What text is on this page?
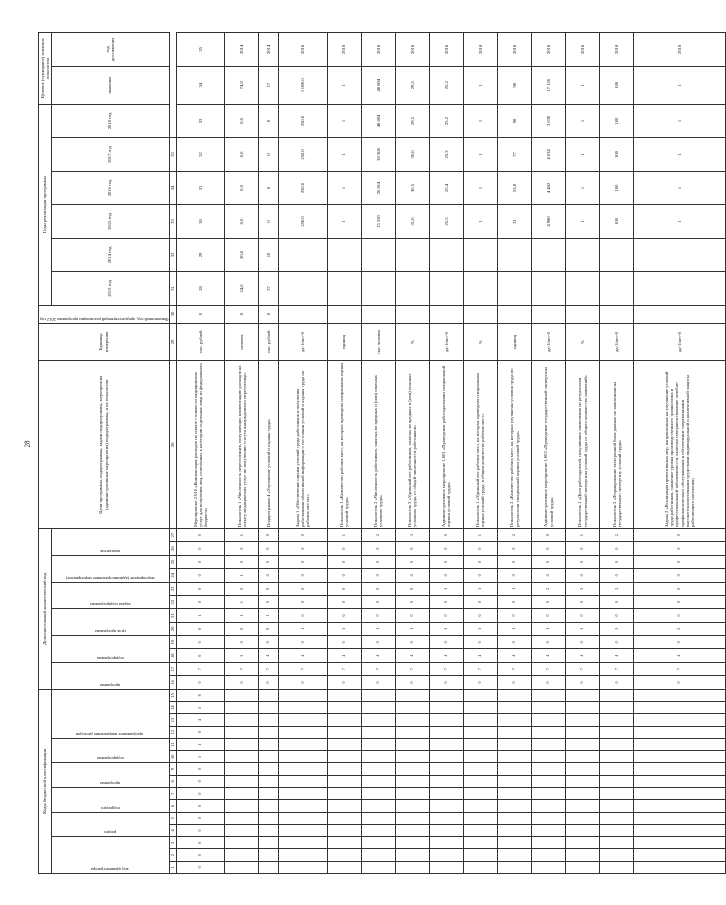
28
Коды бюджетной классификации															Дополнительный аналитический код												Цели программы, подпрограммы, задачи подпрограммы, мероприятия (административные мероприятия) подпрограммы, и их показатели	Единица измерения	Финансовый год, предшествующий реализации программы 2012 год	Годы реализации программы						Целевое (суммарное) значение показателя	

код администратора			раздел		подраздел		программа		подпрограмма		программное направление расходов				программа		подпрограмма		цель программы		задача подпрограммы		мероприятие (административное мероприятие)		показатель					2013 год	2014 год	2015 год	2016 год	2017 год	2018 год	значение	год достижения

1	2	3	4	5	6	7	8	9	10	11	12	13	14	15	16	17	18	19	20	21	22	23	24	25	26	27	28	29	30	31	32	33	34	35			
0	0	0	0	0	0	0	0	0	5	1	0	4	5	8	0	7	0	0	0	1	0	0	0	0	0	0	Мероприятие 2.010 «Компенсация расходов по оплате стоимости медицинских услуг для получения лиц, отнесённых к категории отдельные лица из федерального бюджета»	тыс. рублей	0	28	29	30	31	32	33	34	35
															0	7	3	0	0	1	1	0	1	0	0	1	Показатель 1 «Численность переселенцев, получающих компенсацию расходов на оплату медицинских услуг по получению статуса вынужденного переселенца»	человек	0	24,0	20,0	0,0	0,0	0,0	0,0	74,0	2014
															0	7	4	0	0	1	0	0	0	0	0	0	Подпрограмма 4 «Улучшение условий и охраны труда»	тыс. рублей	0	27	10	0	0	0	0	17	2014
															0	7	4	0	1	0	0	0	0	0	0	0	Задача 1 «Обеспечение оценки условий труда работников и получения работниками объективной информации о состоянии условий и охраны труда на рабочих местах»	да-1/нет-0				250,0	250,0	250,0	250,0	1 000,0	2018
															0	7	4	0	1	0	0	0	0	0	0	1	Показатель 1 «Количество рабочих мест, на которых проведена специальная оценка условий труда»	единиц				1	1	1	1	1	2018
															0	7	4	0	1	0	0	0	0	0	0	2	Показатель 2 «Численность работников, занятых во вредных и (или) опасных условиях труда»	тыс. человек				15 320	26 814	38 508	48 804	48 804	2018
															0	7	4	0	1	0	0	0	0	0	0	3	Показатель 3 «Удельный вес работников, занятых во вредных и (или) опасных условиях труда, от общей численности работников»	%				31,0	30,5	30,0	29,5	29,5	2018
															0	7	4	0	1	0	0	1	0	0	0	0	Административное мероприятие 1.001 «Проведение работодателями специальной оценки условий труда»	да-1/нет-0				25,5	25,4	25,3	25,2	25,2	2018
															0	7	4	0	1	0	0	1	0	0	0	1	Показатель 1 «Удельный вес рабочих мест, на которых проведена специальная оценка условий труда, в общем количестве рабочих мест»	%				1	1	1	1	1	2018
															0	7	4	0	1	0	0	1	0	0	0	2	Показатель 2 «Количество рабочих мест, на которых улучшены условия труда по результатам специальной оценки условий труда»	единиц				31	53,8	77	98	98	2018
															0	7	4	0	1	0	0	2	0	0	0	0	Административное мероприятие 1.002 «Проведение государственной экспертизы условий труда»	да-1/нет-0				4 980	4 482	4 034	3 630	17 126	2018
															0	7	4	0	1	0	0	2	0	0	0	1	Показатель 1 «Доля работодателей, получивших заключения по результатам государственной экспертизы условий труда от общего количества заявлений»	%				1	1	1	1	1	2018
															0	7	4	0	1	0	0	2	0	0	0	2	Показатель 2 «Формирование электронной базы данных по заявлениям на государственную экспертизу условий труда»	да-1/нет-0				100	100	100	100	100	2018
															0	7	4	0	2	0	0	0	0	0	0	0	Задача 2 «Реализация превентивных мер, направленных на улучшение условий труда работников, снижение уровня производственного травматизма и профессиональной заболеваемости, включая совершенствование лечебно-профилактического обслуживания и обеспечение современными высокотехнологичными средствами индивидуальной и коллективной защиты работающего населения»	да-1/нет-0				1	1	1	1	1	2018
